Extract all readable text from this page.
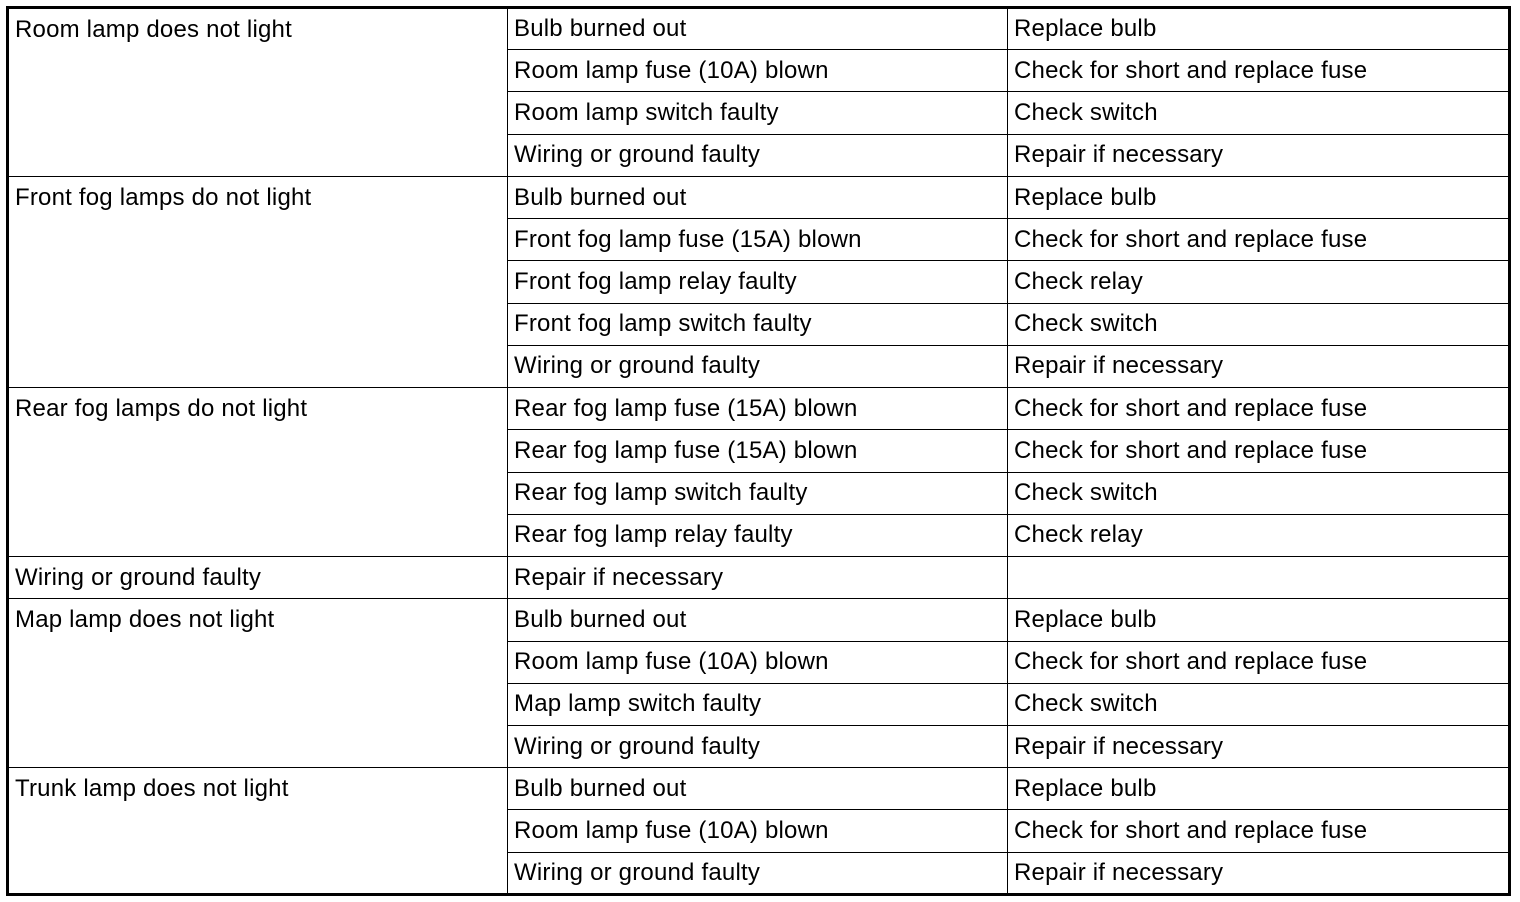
Room lamp does not light	Bulb burned out	Replace bulb
	Room lamp fuse (10A) blown	Check for short and replace fuse
	Room lamp switch faulty	Check switch
	Wiring or ground faulty	Repair if necessary
Front fog lamps do not light	Bulb burned out	Replace bulb
	Front fog lamp fuse (15A) blown	Check for short and replace fuse
	Front fog lamp relay faulty	Check relay
	Front fog lamp switch faulty	Check switch
	Wiring or ground faulty	Repair if necessary
Rear fog lamps do not light	Rear fog lamp fuse (15A) blown	Check for short and replace fuse
	Rear fog lamp fuse (15A) blown	Check for short and replace fuse
	Rear fog lamp switch faulty	Check switch
	Rear fog lamp relay faulty	Check relay
Wiring or ground faulty	Repair if necessary	
Map lamp does not light	Bulb burned out	Replace bulb
	Room lamp fuse (10A) blown	Check for short and replace fuse
	Map lamp switch faulty	Check switch
	Wiring or ground faulty	Repair if necessary
Trunk lamp does not light	Bulb burned out	Replace bulb
	Room lamp fuse (10A) blown	Check for short and replace fuse
	Wiring or ground faulty	Repair if necessary
